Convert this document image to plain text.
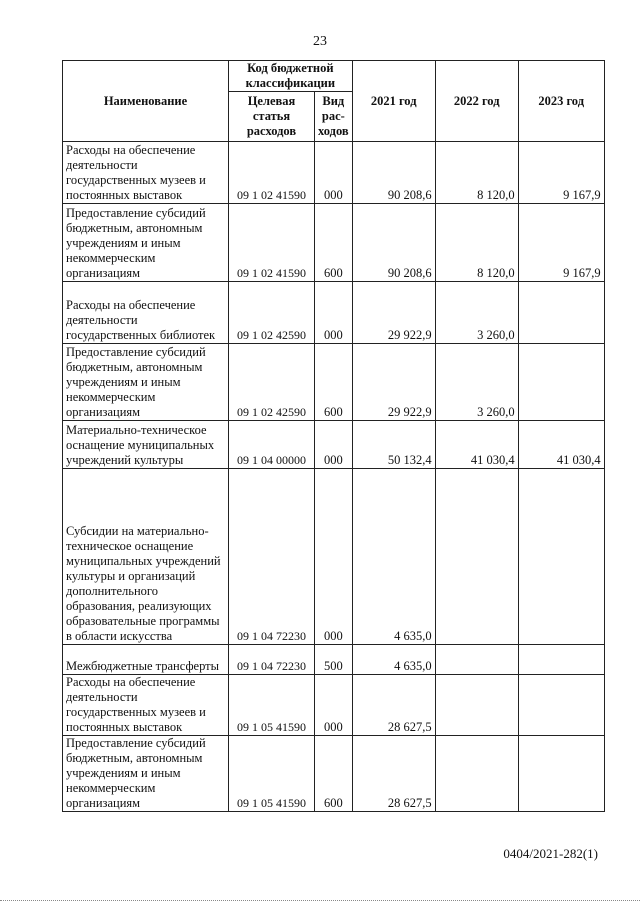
23
Наименование	Код бюджетной классификации		2021 год	2022 год	2023 год
	Целевая статья расходов	Вид рас-ходов			
Расходы на обеспечение деятельности государственных музеев и постоянных выставок	09 1 02 41590	000	90 208,6	8 120,0	9 167,9
Предоставление субсидий бюджетным, автономным учреждениям и иным некоммерческим организациям	09 1 02 41590	600	90 208,6	8 120,0	9 167,9
Расходы на обеспечение деятельности государственных библиотек	09 1 02 42590	000	29 922,9	3 260,0	
Предоставление субсидий бюджетным, автономным учреждениям и иным некоммерческим организациям	09 1 02 42590	600	29 922,9	3 260,0	
Материально-техническое оснащение муниципальных учреждений культуры	09 1 04 00000	000	50 132,4	41 030,4	41 030,4
Субсидии на материально-техническое оснащение муниципальных учреждений культуры и организаций дополнительного образования, реализующих образовательные программы в области искусства	09 1 04 72230	000	4 635,0		
Межбюджетные трансферты	09 1 04 72230	500	4 635,0		
Расходы на обеспечение деятельности государственных музеев и постоянных выставок	09 1 05 41590	000	28 627,5		
Предоставление субсидий бюджетным, автономным учреждениям и иным некоммерческим организациям	09 1 05 41590	600	28 627,5		
0404/2021-282(1)
